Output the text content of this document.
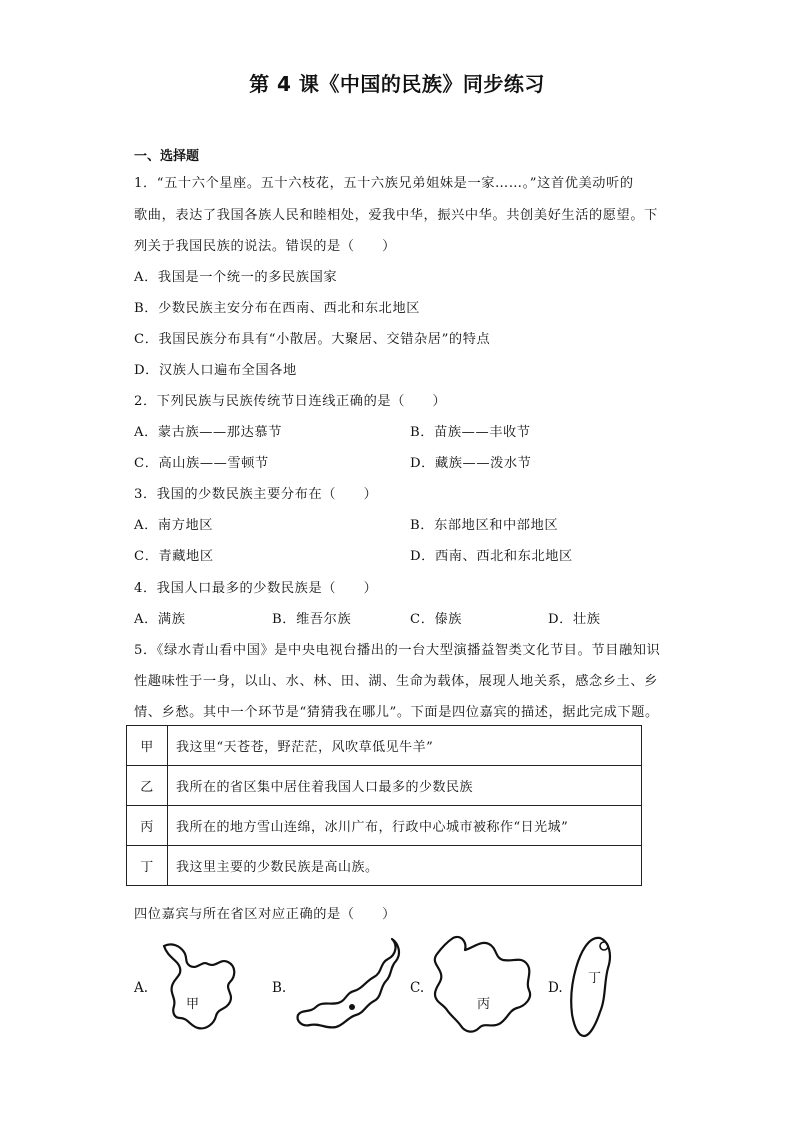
第 4 课《中国的民族》同步练习
一、选择题
1．“五十六个星座。五十六枝花，五十六族兄弟姐妹是一家……。”这首优美动听的
歌曲，表达了我国各族人民和睦相处，爱我中华，振兴中华。共创美好生活的愿望。下
列关于我国民族的说法。错误的是（　　）
A．我国是一个统一的多民族国家
B．少数民族主安分布在西南、西北和东北地区
C．我国民族分布具有“小散居。大聚居、交错杂居”的特点
D．汉族人口遍布全国各地
2．下列民族与民族传统节日连线正确的是（　　）
A．蒙古族——那达慕节	B．苗族——丰收节
C．高山族——雪顿节	D．藏族——泼水节
3．我国的少数民族主要分布在（　　）
A．南方地区	B．东部地区和中部地区
C．青藏地区	D．西南、西北和东北地区
4．我国人口最多的少数民族是（　　）
A．满族	B．维吾尔族	C．傣族	D．壮族
5．《绿水青山看中国》是中央电视台播出的一台大型演播益智类文化节目。节目融知识
性趣味性于一身，以山、水、林、田、湖、生命为载体，展现人地关系，感念乡土、乡
情、乡愁。其中一个环节是“猜猜我在哪儿”。下面是四位嘉宾的描述，据此完成下题。
甲	我这里“天苍苍，野茫茫，风吹草低见牛羊”
乙	我所在的省区集中居住着我国人口最多的少数民族
丙	我所在的地方雪山连绵，冰川广布，行政中心城市被称作“日光城”
丁	我这里主要的少数民族是高山族。
四位嘉宾与所在省区对应正确的是（　　）
A.
甲
B.	C.
丙
D.
丁
